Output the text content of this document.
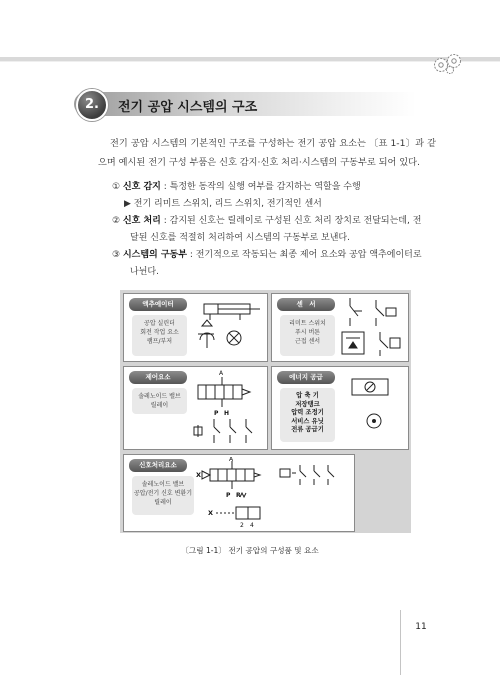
2.	전기 공압 시스템의 구조
전기 공압 시스템의 기본적인 구조를 구성하는 전기 공압 요소는 〔표 1-1〕과 같으며 예시된 전기 구성 부품은 신호 감지·신호 처리·시스템의 구동부로 되어 있다.
① 신호 감지 : 특정한 동작의 실행 여부를 감지하는 역할을 수행
▶ 전기 리미트 스위치, 리드 스위치, 전기적인 센서
② 신호 처리 : 감지된 신호는 릴레이로 구성된 신호 처리 장치로 전달되는데, 전
달된 신호를 적절히 처리하여 시스템의 구동부로 보낸다.
③ 시스템의 구동부 : 전기적으로 작동되는 최종 제어 요소와 공압 액추에이터로
나뉜다.
액추에이터
공압 실린더
회전 작업 요소
램프/부저
센　서
리미트 스위치
푸시 버튼
근접 센서
제어요소
솔레노이드 밸브
릴레이
A
P H
에너지 공급
압 축 기
저장탱크
압력 조정기
서비스 유닛
전류 공급기
신호처리요소
솔레노이드 밸브
공압/전기 신호 변환기
릴레이
A
X
P R
X
2 4
〔그림 1-1〕 전기 공압의 구성품 및 요소
11
